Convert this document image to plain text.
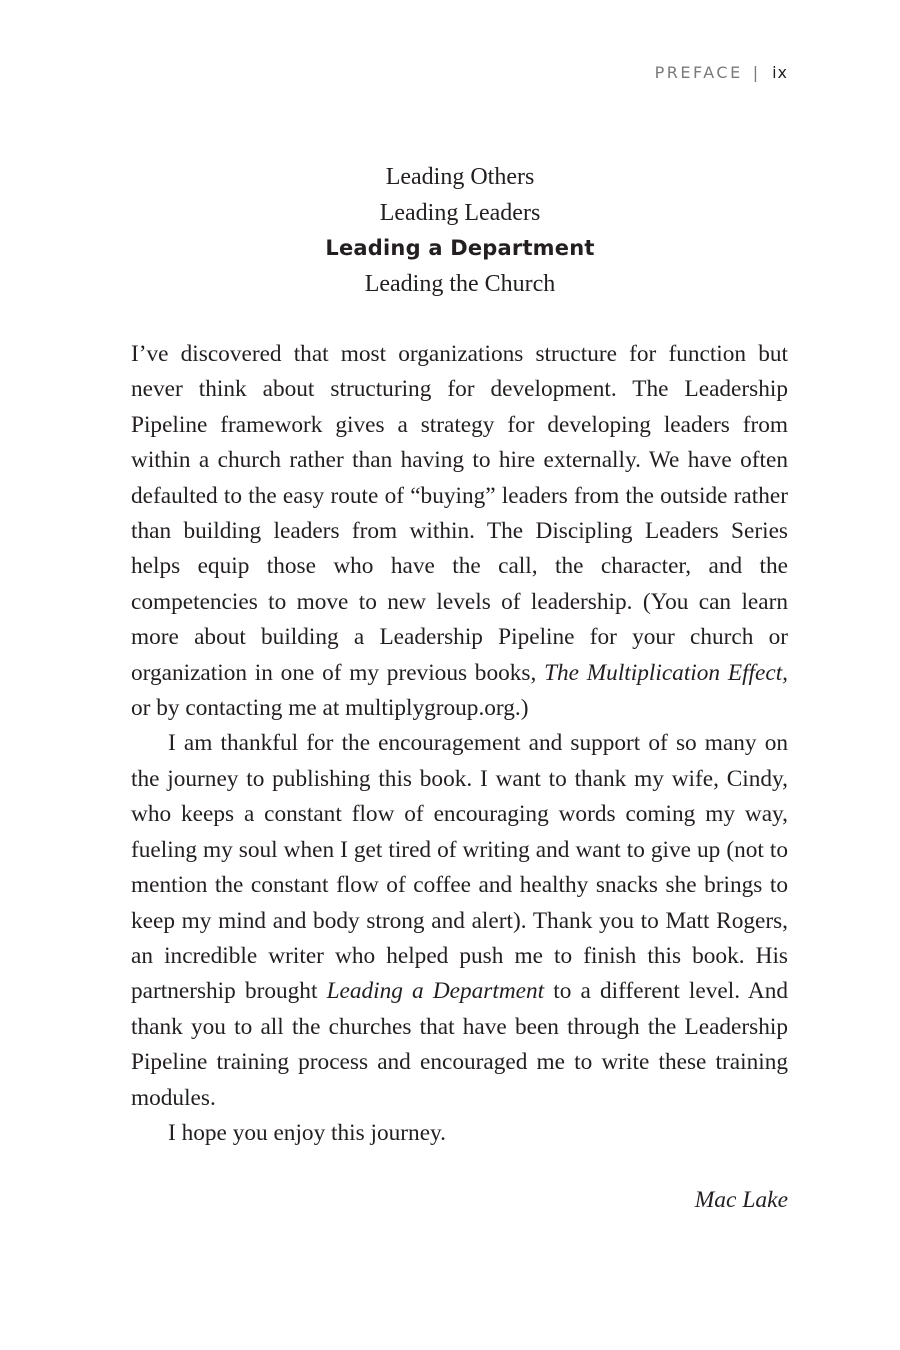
PREFACE | ix
Leading Others
Leading Leaders
Leading a Department
Leading the Church

I’ve discovered that most organizations structure for function but never think about structuring for development. The Leadership Pipeline framework gives a strategy for developing leaders from within a church rather than having to hire externally. We have often defaulted to the easy route of “buying” leaders from the outside rather than building leaders from within. The Discipling Leaders Series helps equip those who have the call, the character, and the competencies to move to new levels of leadership. (You can learn more about building a Leadership Pipeline for your church or organization in one of my previous books, The Multiplication Effect, or by contacting me at multiplygroup.org.)

I am thankful for the encouragement and support of so many on the journey to publishing this book. I want to thank my wife, Cindy, who keeps a constant flow of encouraging words coming my way, fueling my soul when I get tired of writing and want to give up (not to mention the constant flow of coffee and healthy snacks she brings to keep my mind and body strong and alert). Thank you to Matt Rogers, an incredible writer who helped push me to finish this book. His partnership brought Leading a Department to a different level. And thank you to all the churches that have been through the Leadership Pipeline training process and encouraged me to write these training modules.

I hope you enjoy this journey.

Mac Lake
